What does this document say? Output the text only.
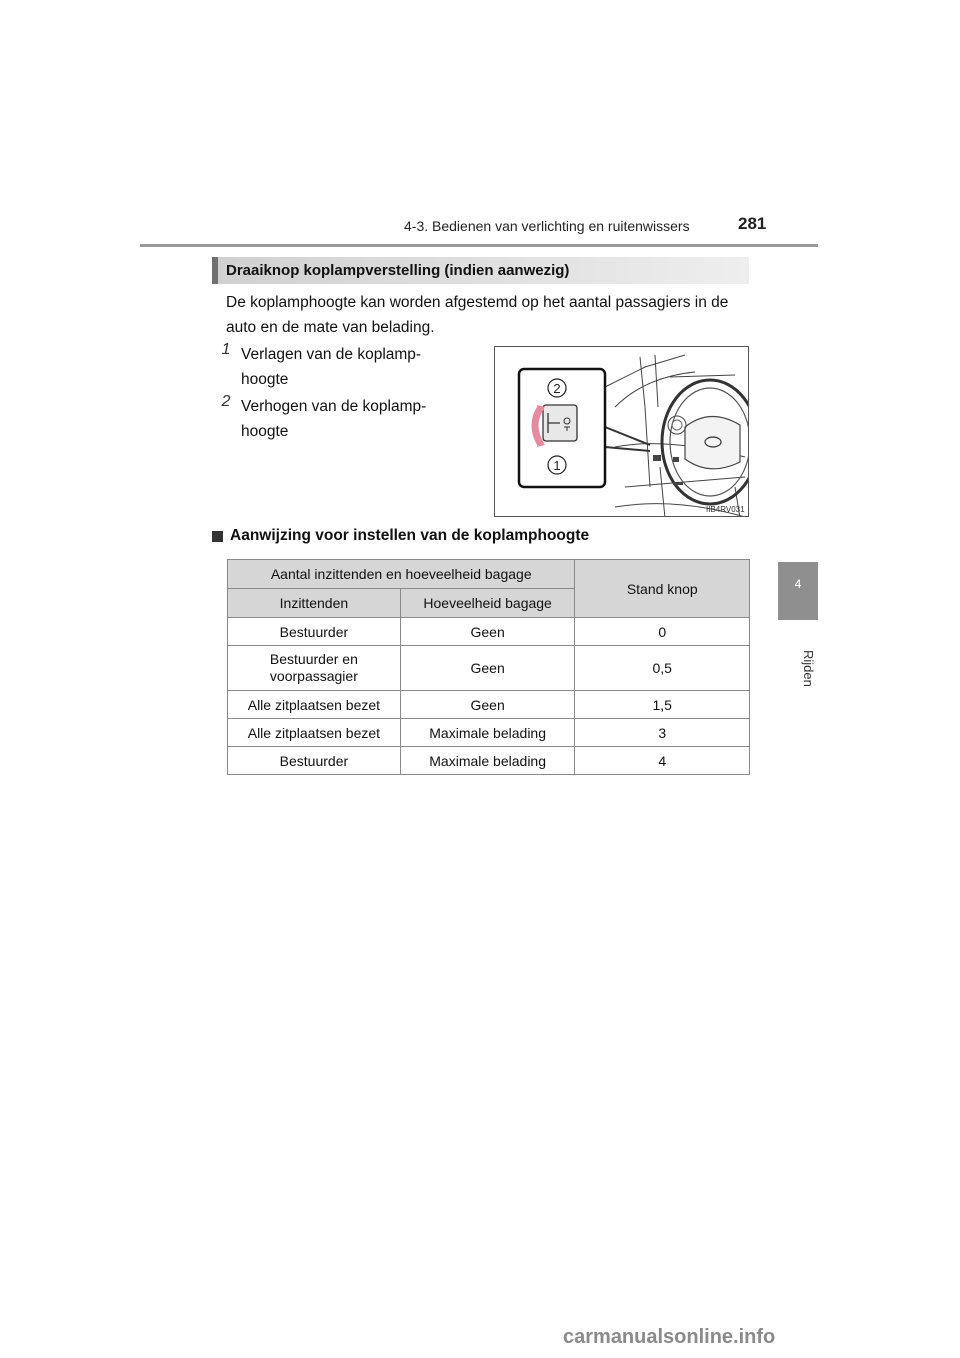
4-3. Bedienen van verlichting en ruitenwissers	281
4
Rijden
Draaiknop koplampverstelling (indien aanwezig)
De koplamphoogte kan worden afgestemd op het aantal passagiers in de auto en de mate van belading.
1 Verlagen van de koplamp-
hoogte
2 Verhogen van de koplamp-
hoogte
2
1
IIB4RV031
Aanwijzing voor instellen van de koplamphoogte
Aantal inzittenden en hoeveelheid bagage		Stand knop
Inzittenden	Hoeveelheid bagage	
Bestuurder	Geen	0
Bestuurder en voorpassagier	Geen	0,5
Alle zitplaatsen bezet	Geen	1,5
Alle zitplaatsen bezet	Maximale belading	3
Bestuurder	Maximale belading	4
carmanualsonline.info
